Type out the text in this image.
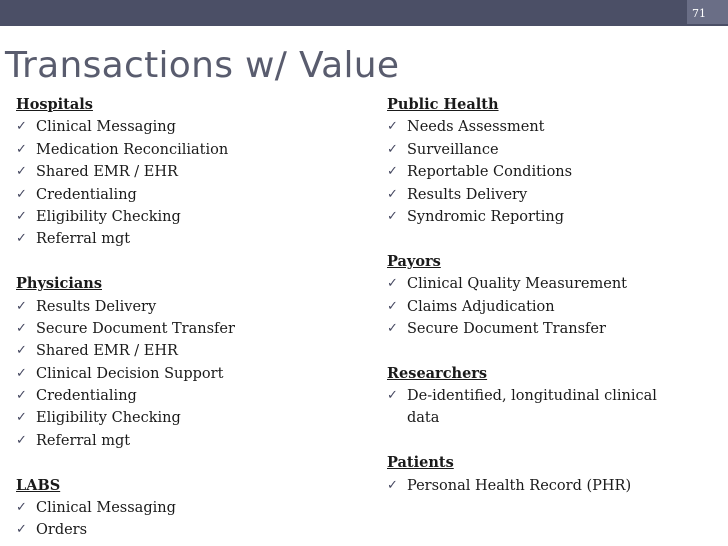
71
Transactions w/ Value
Hospitals
✓ Clinical Messaging
✓ Medication Reconciliation
✓ Shared EMR / EHR
✓ Credentialing
✓ Eligibility Checking
✓ Referral mgt
Physicians
✓ Results Delivery
✓ Secure Document Transfer
✓ Shared EMR / EHR
✓ Clinical Decision Support
✓ Credentialing
✓ Eligibility Checking
✓ Referral mgt
LABS
✓ Clinical Messaging
✓ Orders
Public Health
✓ Needs Assessment
✓ Surveillance
✓ Reportable Conditions
✓ Results Delivery
✓ Syndromic Reporting
Payors
✓ Clinical Quality Measurement
✓ Claims Adjudication
✓ Secure Document Transfer
Researchers
✓ De-identified, longitudinal clinical data
Patients
✓ Personal Health Record (PHR)
